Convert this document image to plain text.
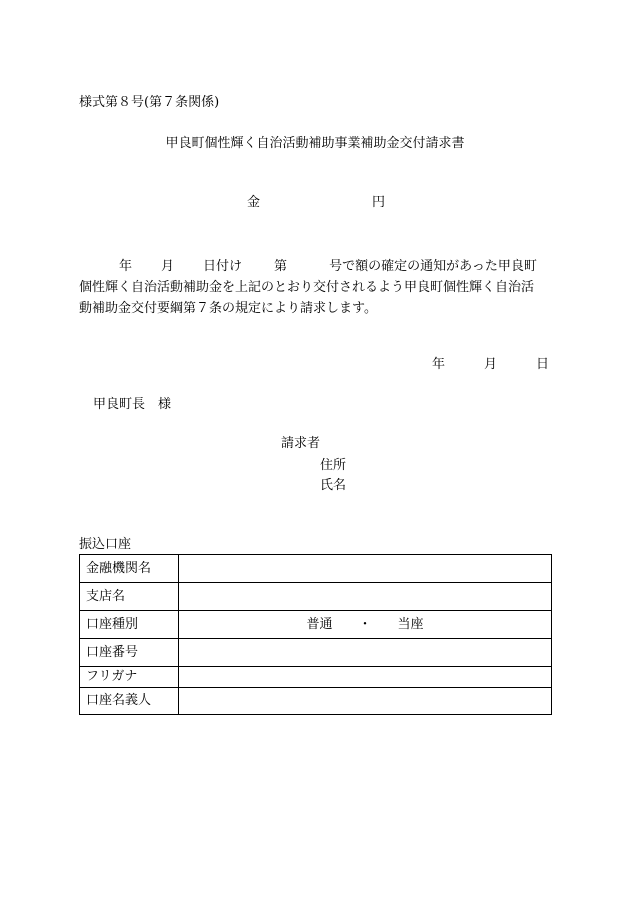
様式第８号(第７条関係)
甲良町個性輝く自治活動補助事業補助金交付請求書
金	円
年 月 日付け 第	号で額の確定の通知があった甲良町
個性輝く自治活動補助金を上記のとおり交付されるよう甲良町個性輝く自治活
動補助金交付要綱第７条の規定により請求します。
年	月	日
甲良町長　様
請求者
住所
氏名
振込口座
金融機関名	
支店名	
口座種別	普通　　・　　当座
口座番号	
フリガナ	
口座名義人	
